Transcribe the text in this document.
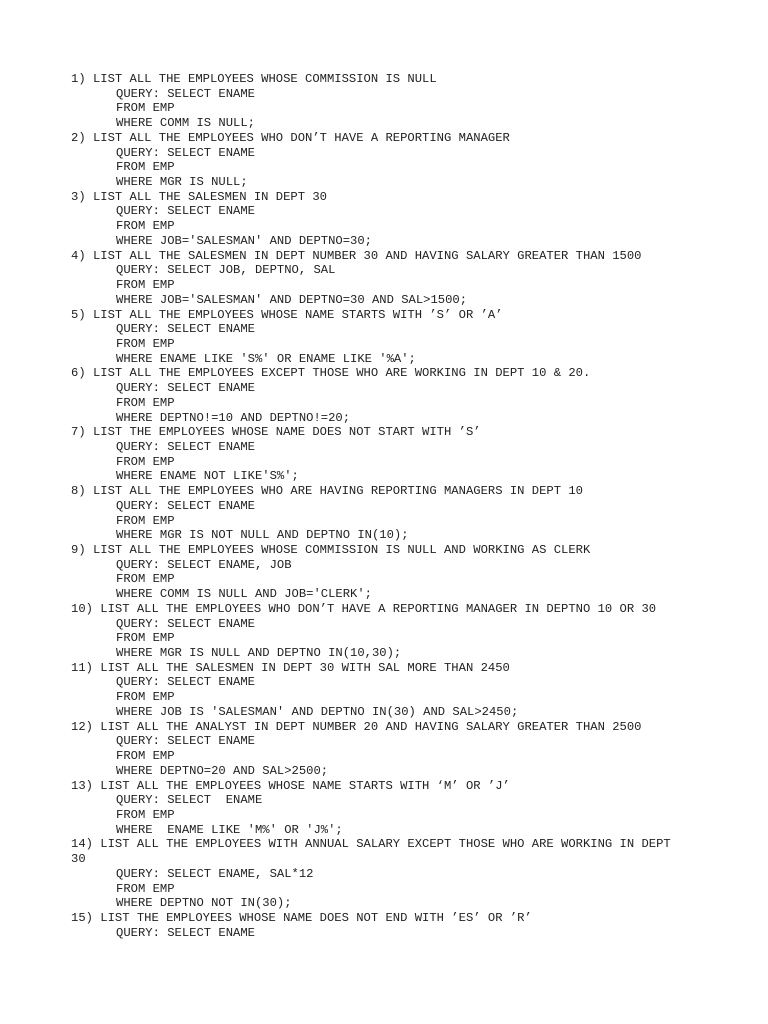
1) LIST ALL THE EMPLOYEES WHOSE COMMISSION IS NULL
QUERY: SELECT ENAME
FROM EMP
WHERE COMM IS NULL;
2) LIST ALL THE EMPLOYEES WHO DON’T HAVE A REPORTING MANAGER
QUERY: SELECT ENAME
FROM EMP
WHERE MGR IS NULL;
3) LIST ALL THE SALESMEN IN DEPT 30
QUERY: SELECT ENAME
FROM EMP
WHERE JOB='SALESMAN' AND DEPTNO=30;
4) LIST ALL THE SALESMEN IN DEPT NUMBER 30 AND HAVING SALARY GREATER THAN 1500
QUERY: SELECT JOB, DEPTNO, SAL
FROM EMP
WHERE JOB='SALESMAN' AND DEPTNO=30 AND SAL>1500;
5) LIST ALL THE EMPLOYEES WHOSE NAME STARTS WITH ’S’ OR ’A’
QUERY: SELECT ENAME
FROM EMP
WHERE ENAME LIKE 'S%' OR ENAME LIKE '%A';
6) LIST ALL THE EMPLOYEES EXCEPT THOSE WHO ARE WORKING IN DEPT 10 & 20.
QUERY: SELECT ENAME
FROM EMP
WHERE DEPTNO!=10 AND DEPTNO!=20;
7) LIST THE EMPLOYEES WHOSE NAME DOES NOT START WITH ’S’
QUERY: SELECT ENAME
FROM EMP
WHERE ENAME NOT LIKE'S%';
8) LIST ALL THE EMPLOYEES WHO ARE HAVING REPORTING MANAGERS IN DEPT 10
QUERY: SELECT ENAME
FROM EMP
WHERE MGR IS NOT NULL AND DEPTNO IN(10);
9) LIST ALL THE EMPLOYEES WHOSE COMMISSION IS NULL AND WORKING AS CLERK
QUERY: SELECT ENAME, JOB
FROM EMP
WHERE COMM IS NULL AND JOB='CLERK';
10) LIST ALL THE EMPLOYEES WHO DON’T HAVE A REPORTING MANAGER IN DEPTNO 10 OR 30
QUERY: SELECT ENAME
FROM EMP
WHERE MGR IS NULL AND DEPTNO IN(10,30);
11) LIST ALL THE SALESMEN IN DEPT 30 WITH SAL MORE THAN 2450
QUERY: SELECT ENAME
FROM EMP
WHERE JOB IS 'SALESMAN' AND DEPTNO IN(30) AND SAL>2450;
12) LIST ALL THE ANALYST IN DEPT NUMBER 20 AND HAVING SALARY GREATER THAN 2500
QUERY: SELECT ENAME
FROM EMP
WHERE DEPTNO=20 AND SAL>2500;
13) LIST ALL THE EMPLOYEES WHOSE NAME STARTS WITH ‘M’ OR ’J’
QUERY: SELECT  ENAME
FROM EMP
WHERE  ENAME LIKE 'M%' OR 'J%';
14) LIST ALL THE EMPLOYEES WITH ANNUAL SALARY EXCEPT THOSE WHO ARE WORKING IN DEPT
30
QUERY: SELECT ENAME, SAL*12
FROM EMP
WHERE DEPTNO NOT IN(30);
15) LIST THE EMPLOYEES WHOSE NAME DOES NOT END WITH ’ES’ OR ’R’
QUERY: SELECT ENAME
